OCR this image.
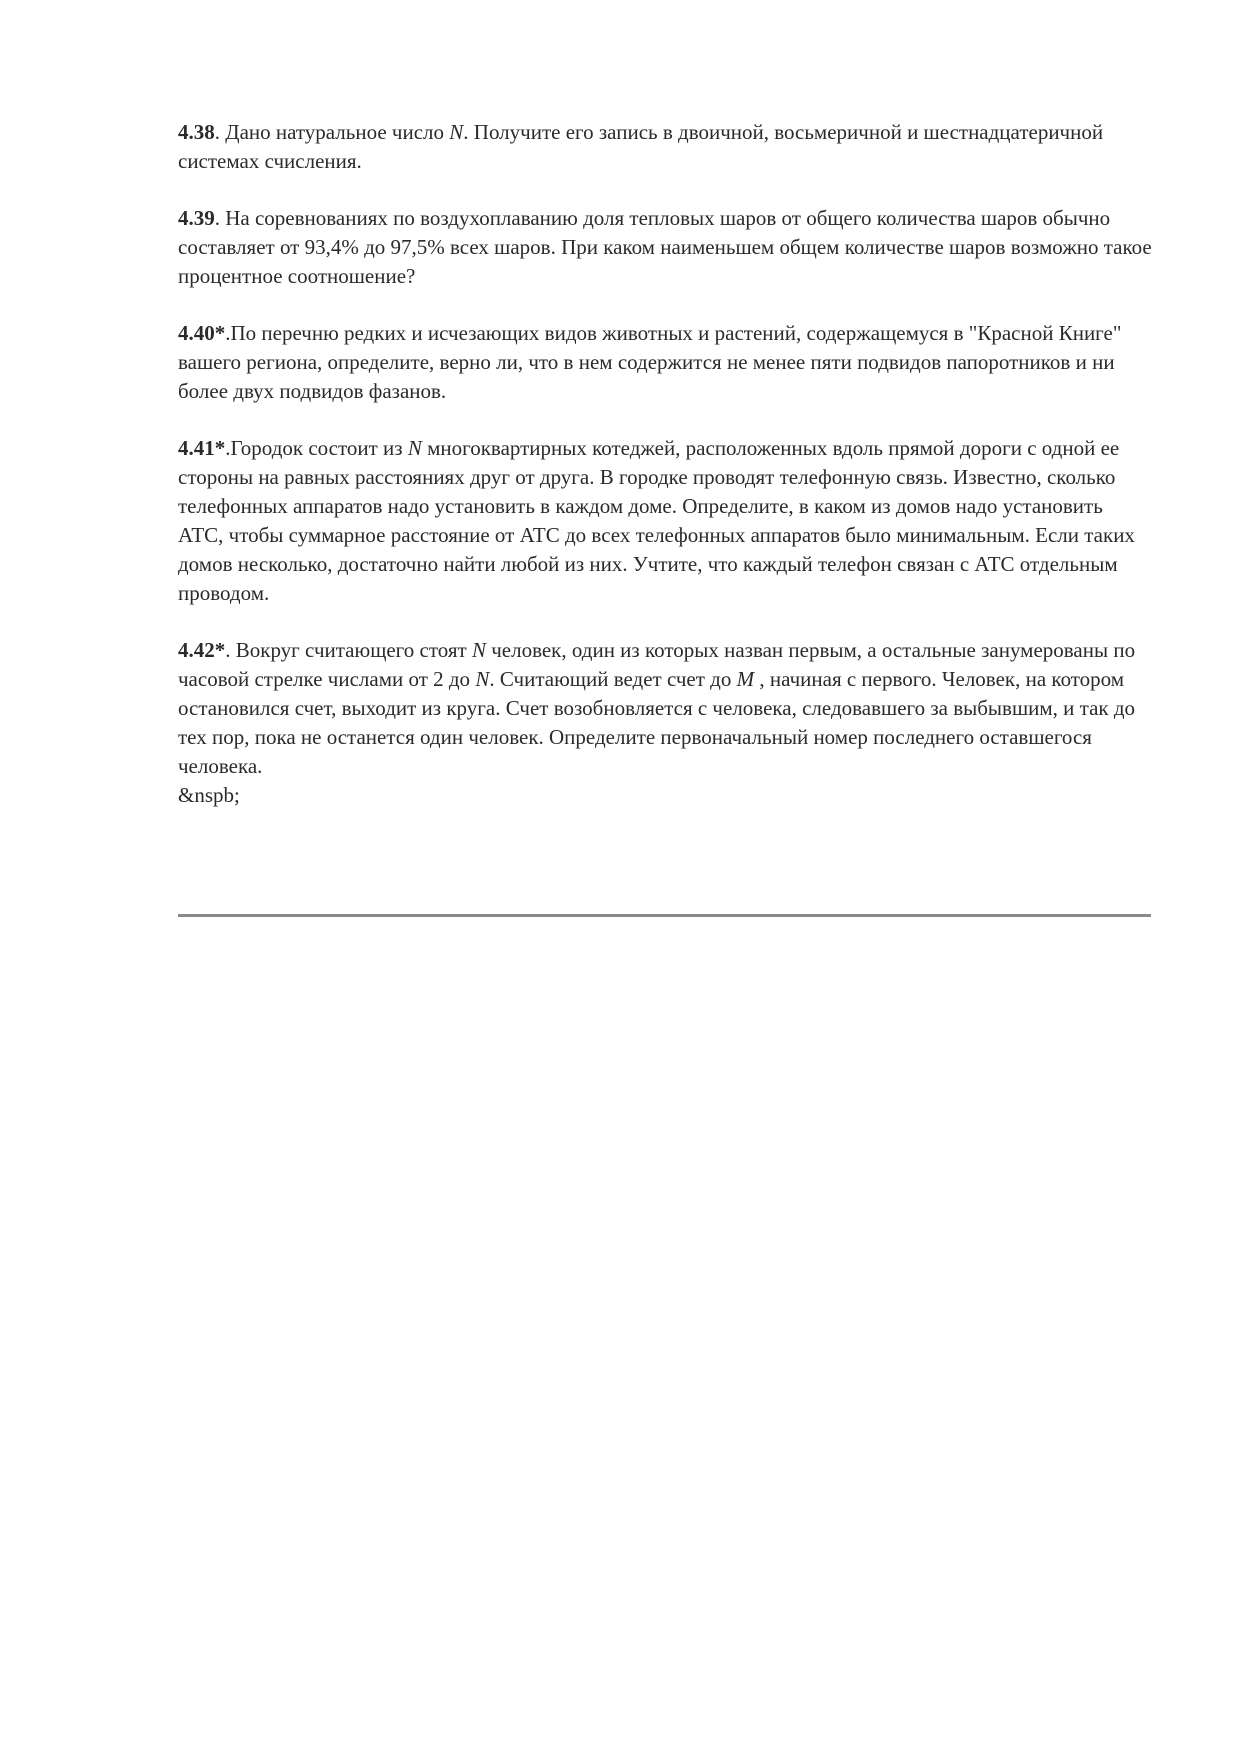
4.38. Дано натуральное число N. Получите его запись в двоичной, восьмеричной и шестнадцатеричной системах счисления.

4.39. На соревнованиях по воздухоплаванию доля тепловых шаров от общего количества шаров обычно составляет от 93,4% до 97,5% всех шаров. При каком наименьшем общем количестве шаров возможно такое процентное соотношение?

4.40*.По перечню редких и исчезающих видов животных и растений, содержащемуся в "Красной Книге" вашего региона, определите, верно ли, что в нем содержится не менее пяти подвидов папоротников и ни более двух подвидов фазанов.

4.41*.Городок состоит из N многоквартирных котеджей, расположенных вдоль прямой дороги с одной ее стороны на равных расстояниях друг от друга. В городке проводят телефонную связь. Известно, сколько телефонных аппаратов надо установить в каждом доме. Определите, в каком из домов надо установить АТС, чтобы суммарное расстояние от АТС до всех телефонных аппаратов было минимальным. Если таких домов несколько, достаточно найти любой из них. Учтите, что каждый телефон связан с АТС отдельным проводом.

4.42*. Вокруг считающего стоят N человек, один из которых назван первым, а остальные занумерованы по часовой стрелке числами от 2 до N. Считающий ведет счет до M , начиная с первого. Человек, на котором остановился счет, выходит из круга. Счет возобновляется с человека, следовавшего за выбывшим, и так до тех пор, пока не останется один человек. Определите первоначальный номер последнего оставшегося человека.

&nspb;
